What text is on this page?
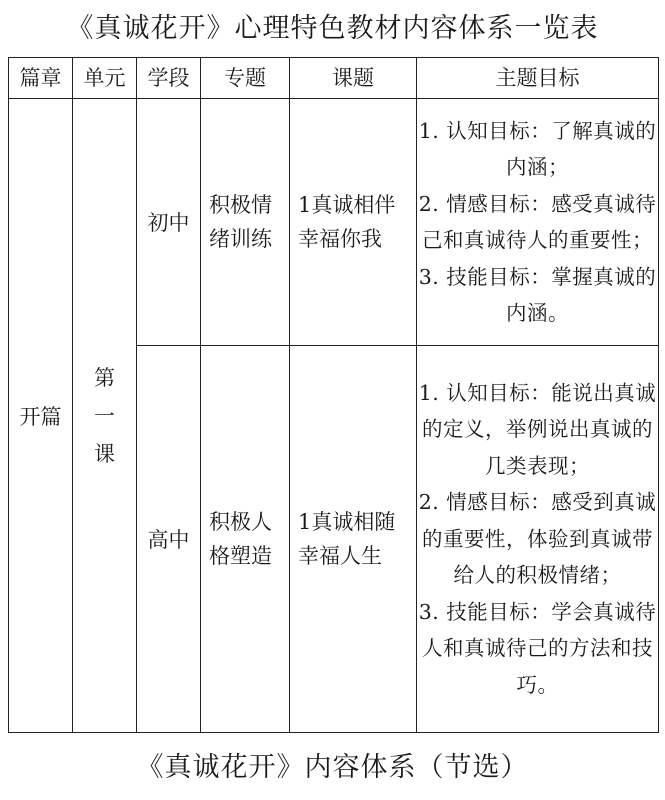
《真诚花开》心理特色教材内容体系一览表
篇章	单元	学段	专题	课题	主题目标
开篇	第一课	初中	积极情绪训练	1真诚相伴幸福你我	1. 认知目标：了解真诚的内涵；
2. 情感目标：感受真诚待己和真诚待人的重要性；
3. 技能目标：掌握真诚的内涵。

		高中	积极人格塑造	1真诚相随幸福人生	1. 认知目标：能说出真诚的定义，举例说出真诚的几类表现；
2. 情感目标：感受到真诚的重要性，体验到真诚带给人的积极情绪；
3. 技能目标：学会真诚待人和真诚待己的方法和技巧。
《真诚花开》内容体系（节选）
